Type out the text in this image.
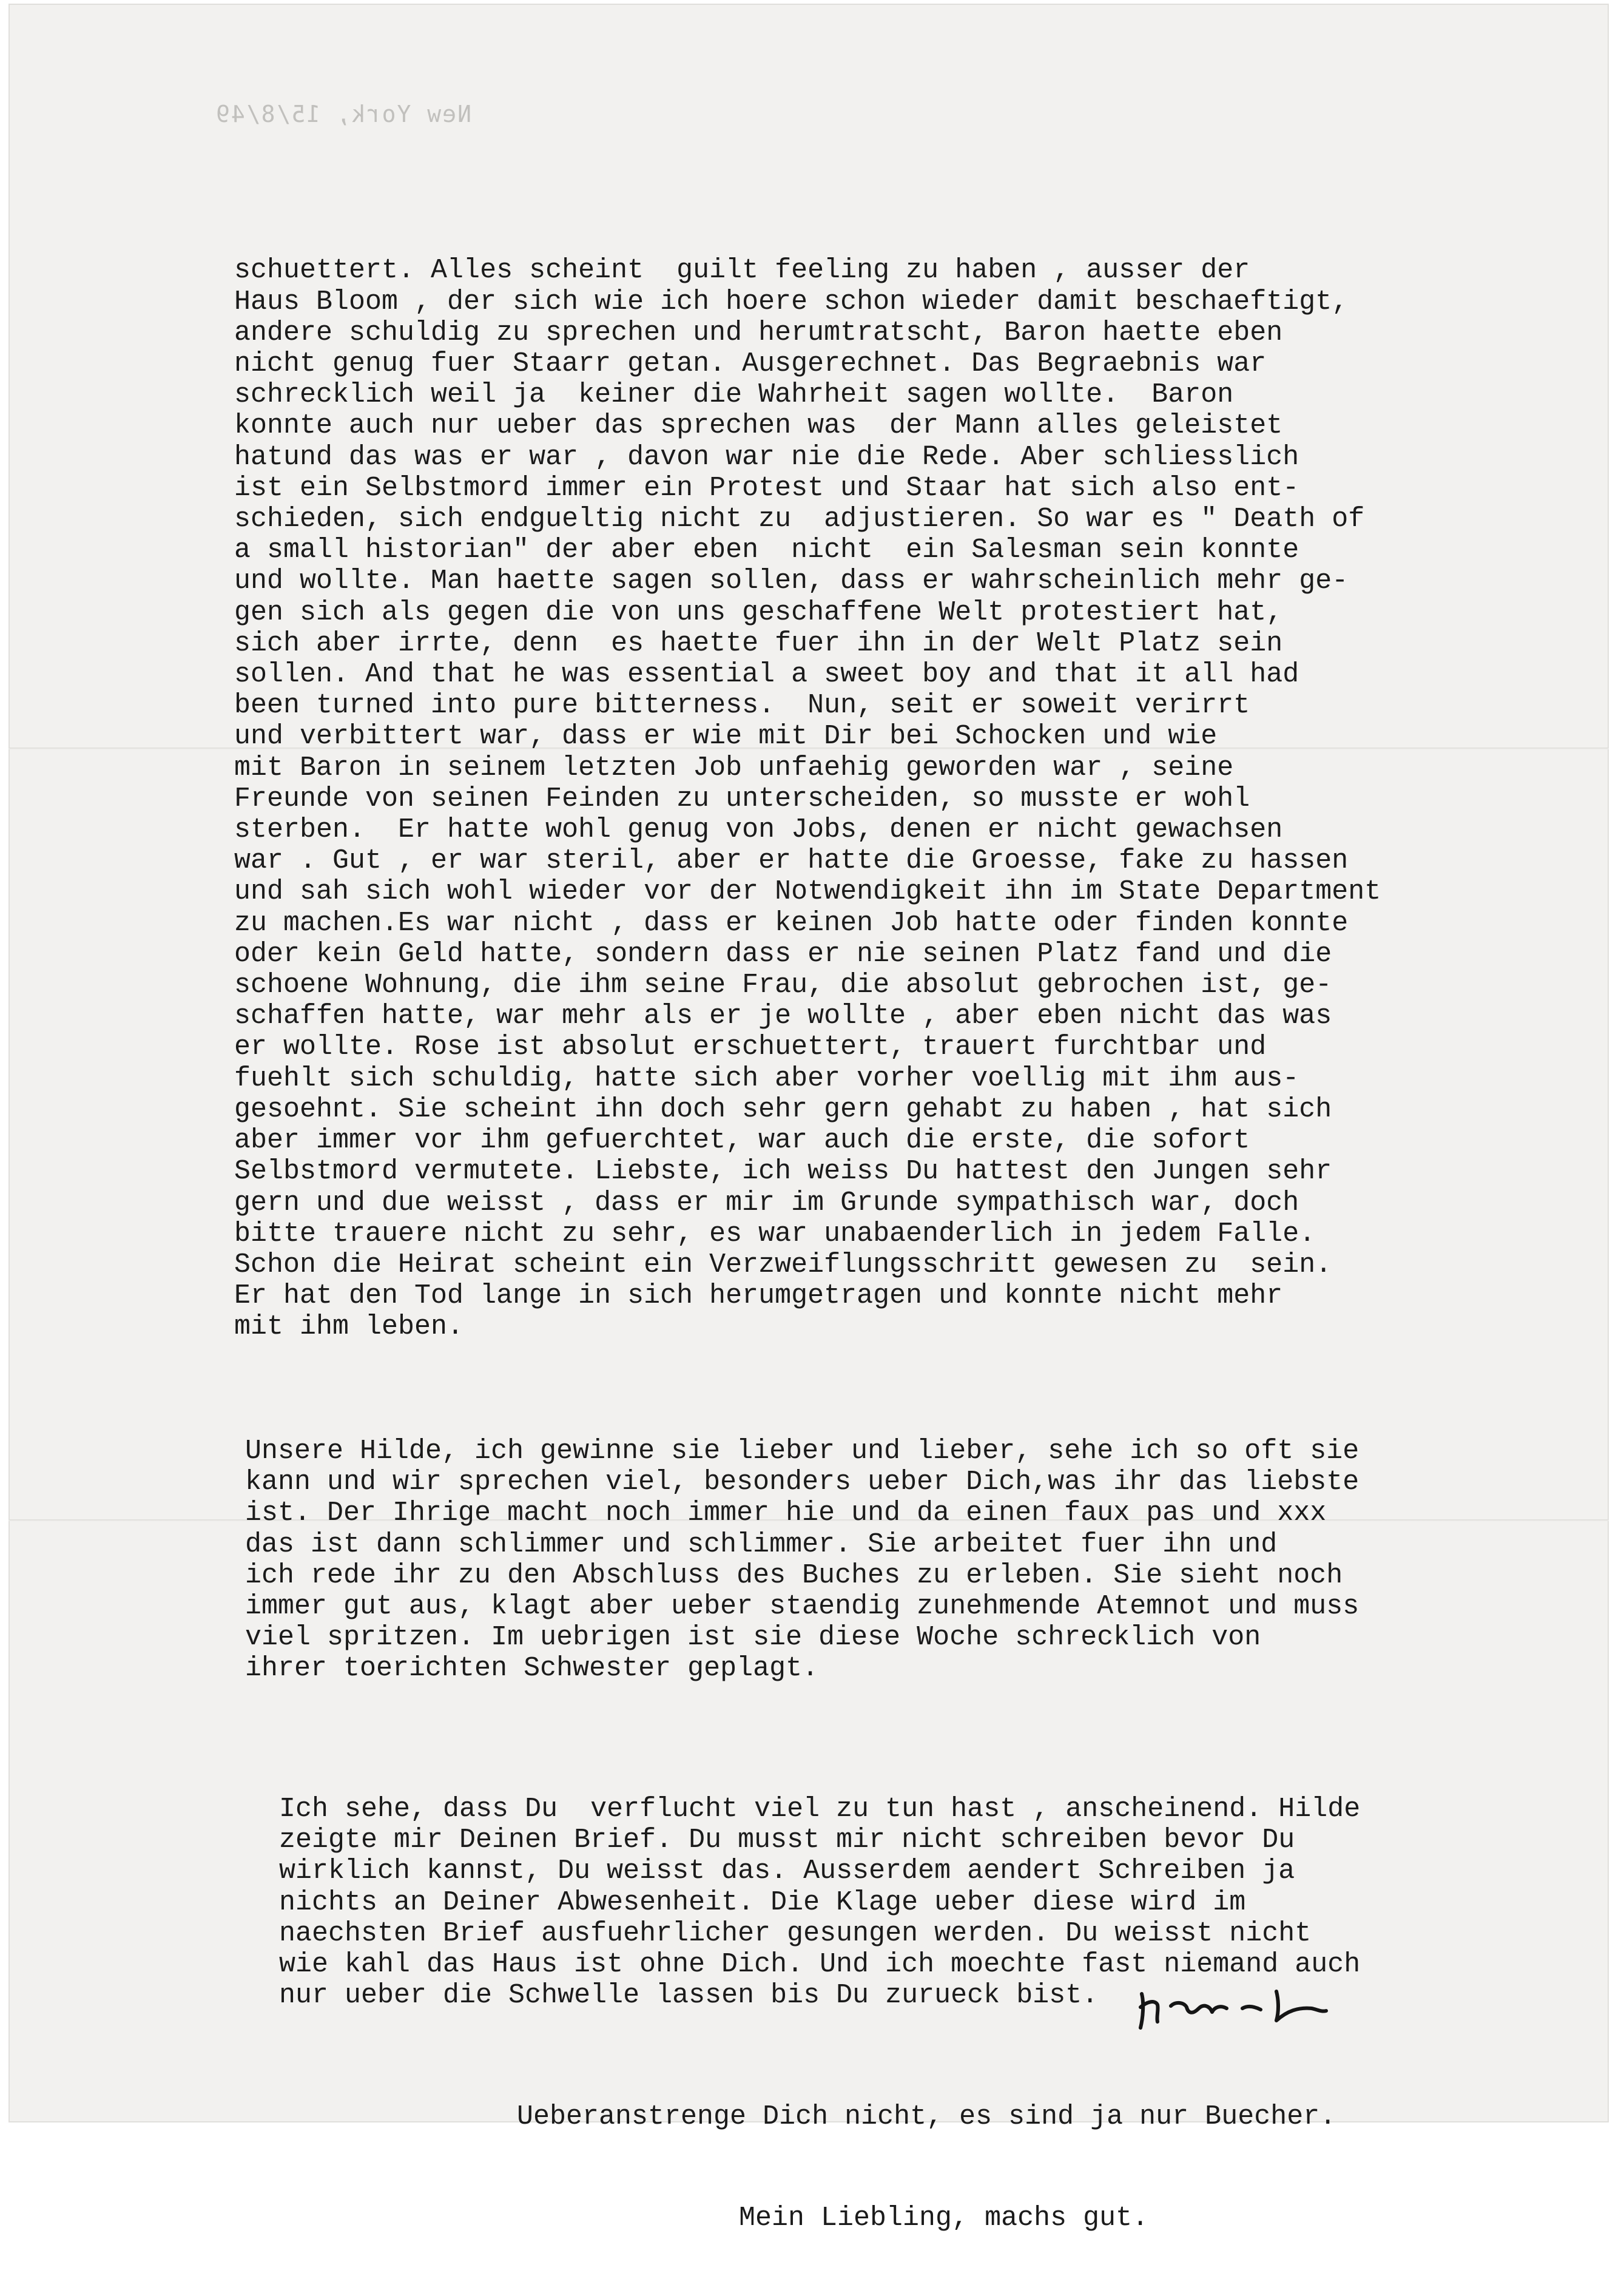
New York, 15/8/49

schuettert. Alles scheint  guilt feeling zu haben , ausser der
Haus Bloom , der sich wie ich hoere schon wieder damit beschaeftigt,
andere schuldig zu sprechen und herumtratscht, Baron haette eben
nicht genug fuer Staarr getan. Ausgerechnet. Das Begraebnis war
schrecklich weil ja  keiner die Wahrheit sagen wollte.  Baron
konnte auch nur ueber das sprechen was  der Mann alles geleistet
hatund das was er war , davon war nie die Rede. Aber schliesslich
ist ein Selbstmord immer ein Protest und Staar hat sich also ent-
schieden, sich endgueltig nicht zu  adjustieren. So war es " Death of
a small historian" der aber eben  nicht  ein Salesman sein konnte
und wollte. Man haette sagen sollen, dass er wahrscheinlich mehr ge-
gen sich als gegen die von uns geschaffene Welt protestiert hat,
sich aber irrte, denn  es haette fuer ihn in der Welt Platz sein
sollen. And that he was essential a sweet boy and that it all had
been turned into pure bitterness.  Nun, seit er soweit verirrt
und verbittert war, dass er wie mit Dir bei Schocken und wie
mit Baron in seinem letzten Job unfaehig geworden war , seine
Freunde von seinen Feinden zu unterscheiden, so musste er wohl
sterben.  Er hatte wohl genug von Jobs, denen er nicht gewachsen
war . Gut , er war steril, aber er hatte die Groesse, fake zu hassen
und sah sich wohl wieder vor der Notwendigkeit ihn im State Department
zu machen.Es war nicht , dass er keinen Job hatte oder finden konnte
oder kein Geld hatte, sondern dass er nie seinen Platz fand und die
schoene Wohnung, die ihm seine Frau, die absolut gebrochen ist, ge-
schaffen hatte, war mehr als er je wollte , aber eben nicht das was
er wollte. Rose ist absolut erschuettert, trauert furchtbar und
fuehlt sich schuldig, hatte sich aber vorher voellig mit ihm aus-
gesoehnt. Sie scheint ihn doch sehr gern gehabt zu haben , hat sich
aber immer vor ihm gefuerchtet, war auch die erste, die sofort
Selbstmord vermutete. Liebste, ich weiss Du hattest den Jungen sehr
gern und due weisst , dass er mir im Grunde sympathisch war, doch
bitte trauere nicht zu sehr, es war unabaenderlich in jedem Falle.
Schon die Heirat scheint ein Verzweiflungsschritt gewesen zu  sein.
Er hat den Tod lange in sich herumgetragen und konnte nicht mehr
mit ihm leben.

Unsere Hilde, ich gewinne sie lieber und lieber, sehe ich so oft sie
kann und wir sprechen viel, besonders ueber Dich,was ihr das liebste
ist. Der Ihrige macht noch immer hie und da einen faux pas und xxx
das ist dann schlimmer und schlimmer. Sie arbeitet fuer ihn und
ich rede ihr zu den Abschluss des Buches zu erleben. Sie sieht noch
immer gut aus, klagt aber ueber staendig zunehmende Atemnot und muss
viel spritzen. Im uebrigen ist sie diese Woche schrecklich von
ihrer toerichten Schwester geplagt.

Ich sehe, dass Du  verflucht viel zu tun hast , anscheinend. Hilde
zeigte mir Deinen Brief. Du musst mir nicht schreiben bevor Du
wirklich kannst, Du weisst das. Ausserdem aendert Schreiben ja
nichts an Deiner Abwesenheit. Die Klage ueber diese wird im
naechsten Brief ausfuehrlicher gesungen werden. Du weisst nicht
wie kahl das Haus ist ohne Dich. Und ich moechte fast niemand auch
nur ueber die Schwelle lassen bis Du zurueck bist.

Ueberanstrenge Dich nicht, es sind ja nur Buecher.

Mein Liebling, machs gut.
